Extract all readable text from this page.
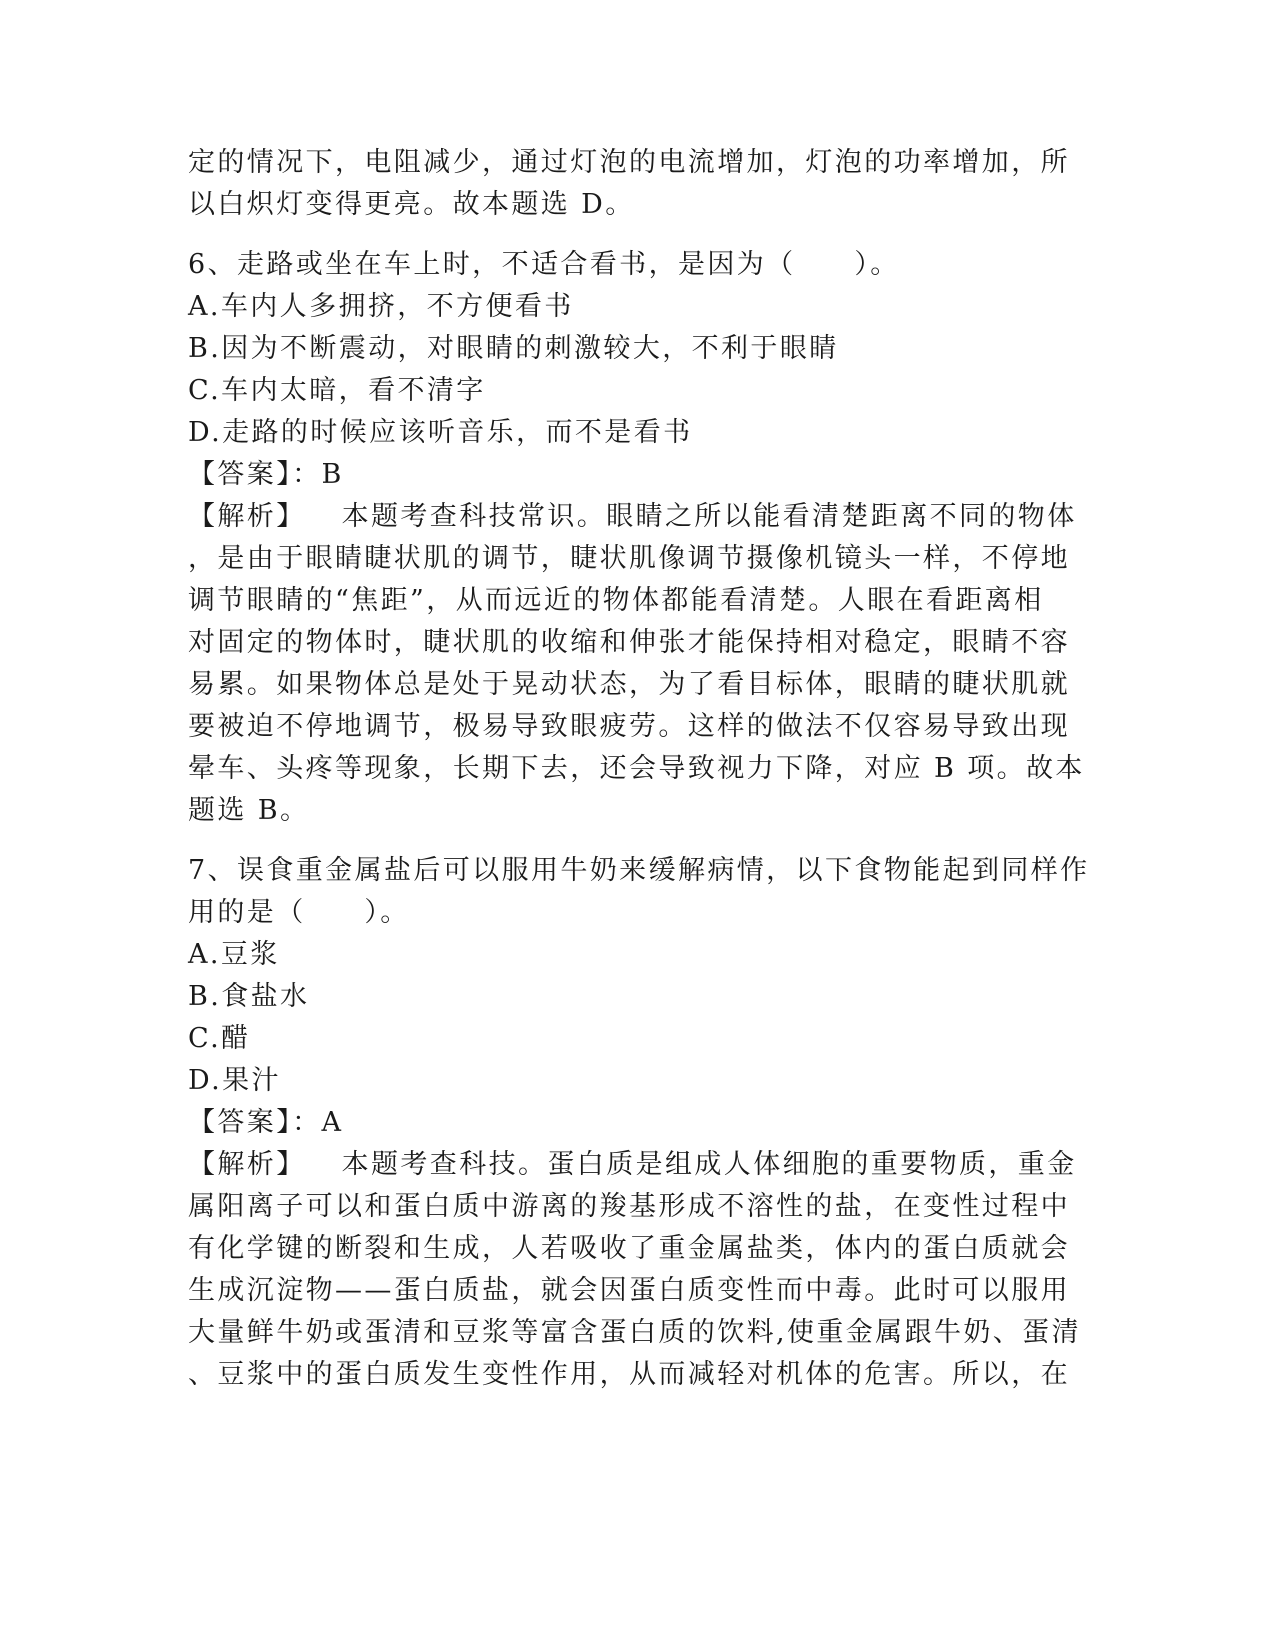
定的情况下，电阻减少，通过灯泡的电流增加，灯泡的功率增加，所
以白炽灯变得更亮。故本题选 D。
6、走路或坐在车上时，不适合看书，是因为（　　）。
A.车内人多拥挤，不方便看书
B.因为不断震动，对眼睛的刺激较大，不利于眼睛
C.车内太暗，看不清字
D.走路的时候应该听音乐，而不是看书
【答案】：B
【解析】 本题考查科技常识。眼睛之所以能看清楚距离不同的物体
，是由于眼睛睫状肌的调节，睫状肌像调节摄像机镜头一样，不停地
调节眼睛的“焦距”，从而远近的物体都能看清楚。人眼在看距离相
对固定的物体时，睫状肌的收缩和伸张才能保持相对稳定，眼睛不容
易累。如果物体总是处于晃动状态，为了看目标体，眼睛的睫状肌就
要被迫不停地调节，极易导致眼疲劳。这样的做法不仅容易导致出现
晕车、头疼等现象，长期下去，还会导致视力下降，对应 B 项。故本
题选 B。
7、误食重金属盐后可以服用牛奶来缓解病情，以下食物能起到同样作
用的是（　　）。
A.豆浆
B.食盐水
C.醋
D.果汁
【答案】：A
【解析】 本题考查科技。蛋白质是组成人体细胞的重要物质，重金
属阳离子可以和蛋白质中游离的羧基形成不溶性的盐，在变性过程中
有化学键的断裂和生成，人若吸收了重金属盐类，体内的蛋白质就会
生成沉淀物——蛋白质盐，就会因蛋白质变性而中毒。此时可以服用
大量鲜牛奶或蛋清和豆浆等富含蛋白质的饮料,使重金属跟牛奶、蛋清
、豆浆中的蛋白质发生变性作用，从而减轻对机体的危害。所以，在
